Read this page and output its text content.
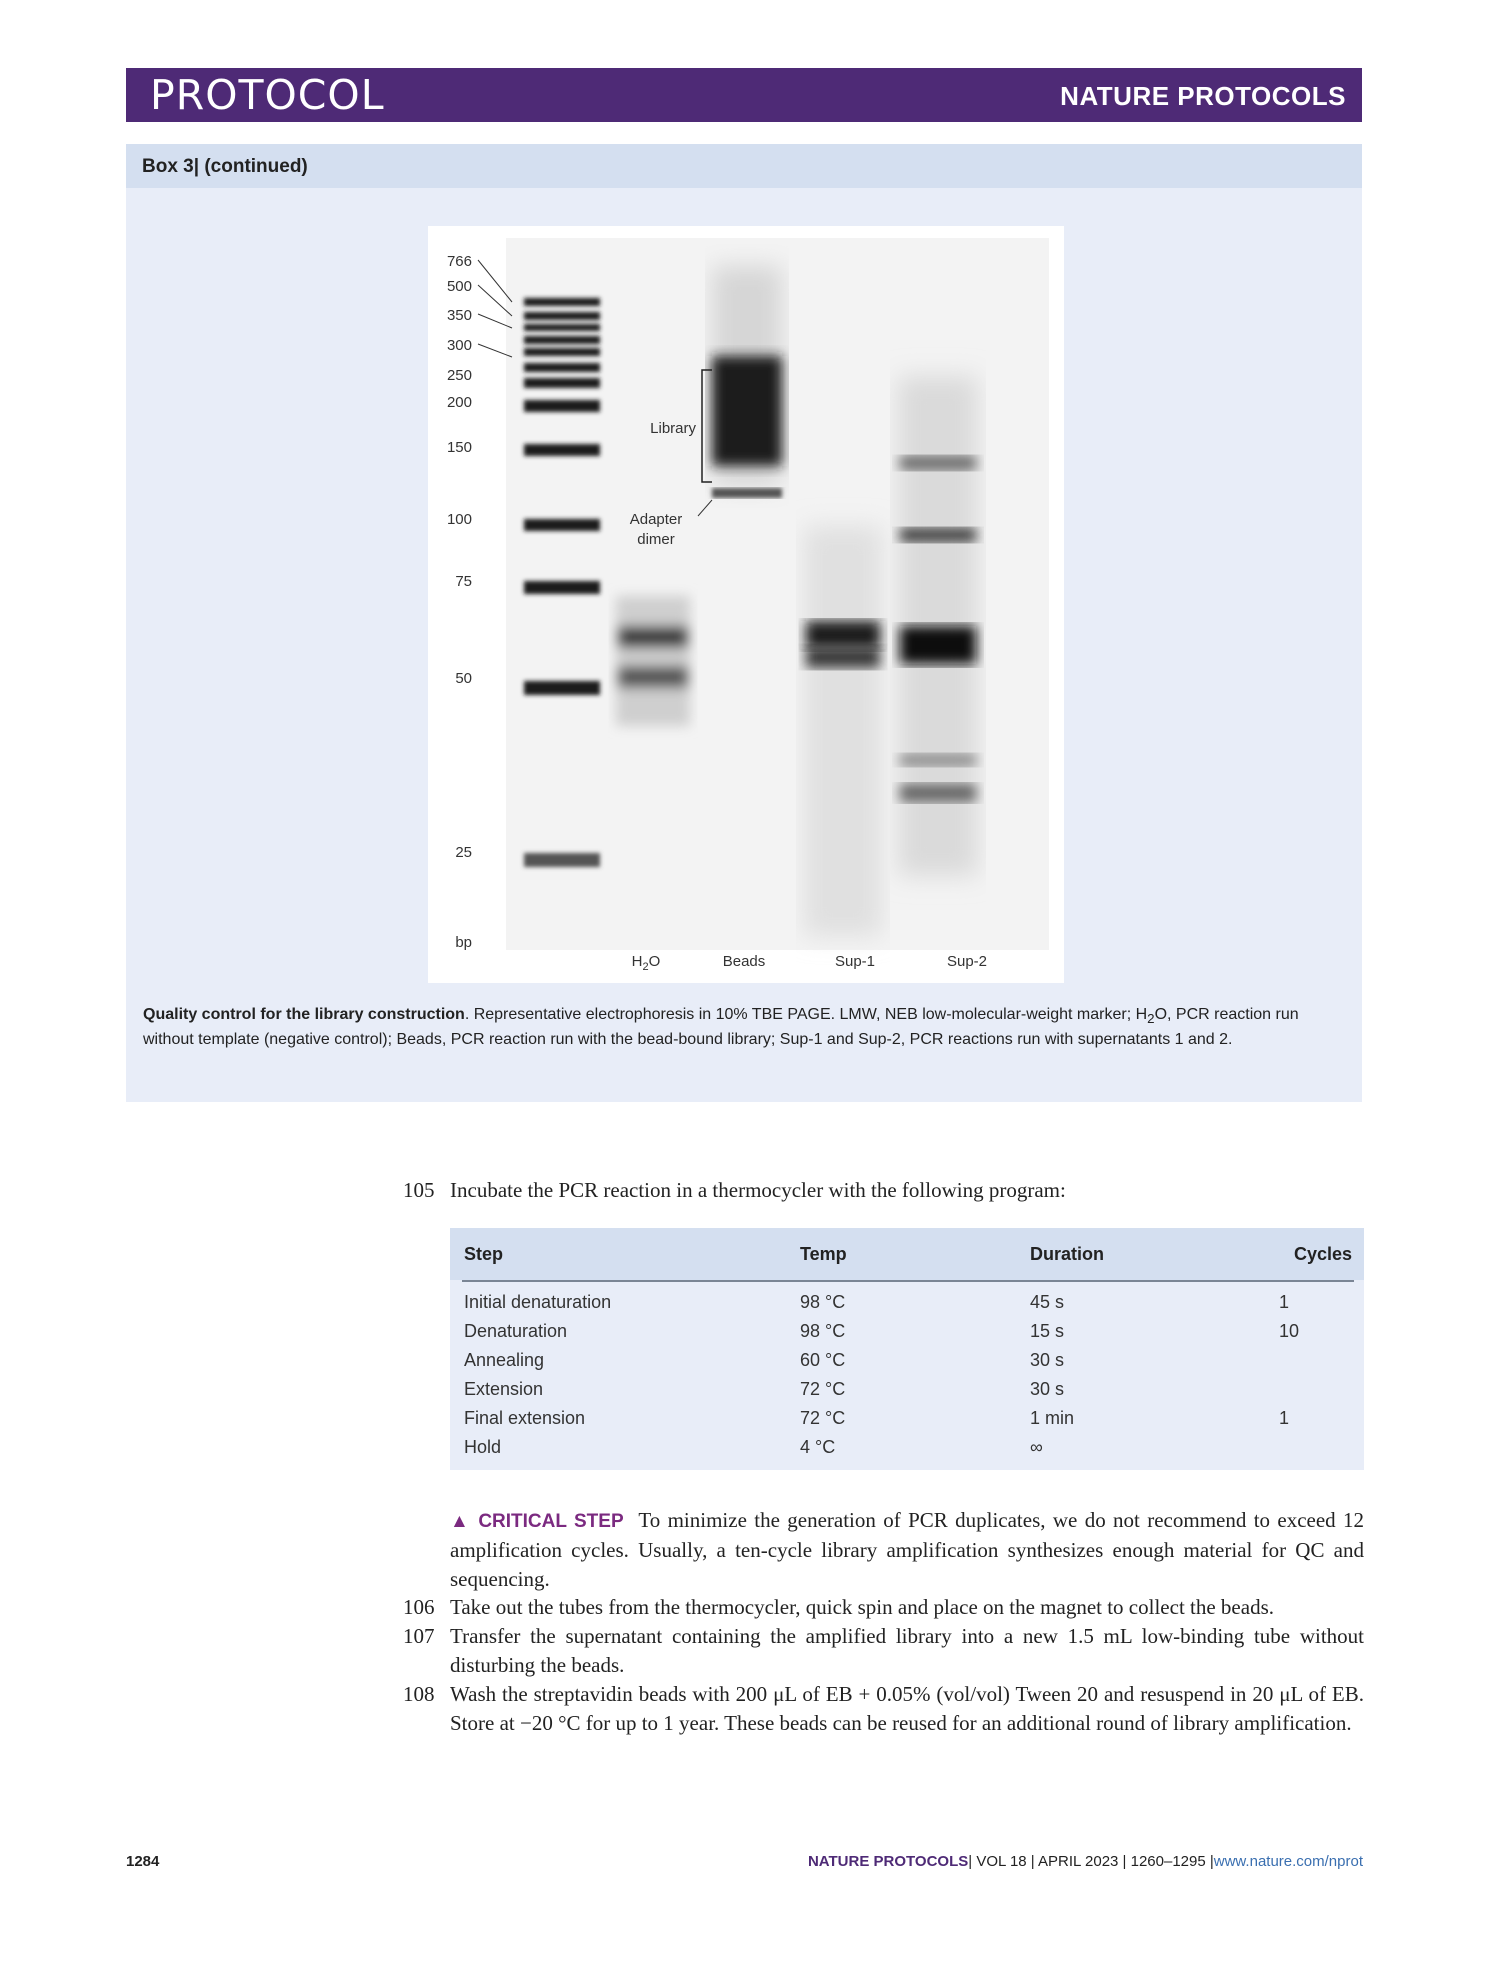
PROTOCOL	NATURE PROTOCOLS
Box 3| (continued)
766
500
350
300
250
200
150
100
75
50
25
bp
Library
Adapter
dimer
$H_2O$	Beads	Sup-1	Sup-2
Quality control for the library construction. Representative electrophoresis in 10% TBE PAGE. LMW, NEB low-molecular-weight marker; $H_2O$, PCR reaction run without template (negative control); Beads, PCR reaction run with the bead-bound library; Sup-1 and Sup-2, PCR reactions run with supernatants 1 and 2.
105 Incubate the PCR reaction in a thermocycler with the following program:
Step	Temp	Duration	Cycles
Initial denaturation	98 °C	45 s	1
Denaturation	98 °C	15 s	10
Annealing	60 °C	30 s
Extension	72 °C	30 s
Final extension	72 °C	1 min	1
Hold	4 °C	∞
▲ CRITICAL STEP To minimize the generation of PCR duplicates, we do not recommend to exceed 12 amplification cycles. Usually, a ten-cycle library amplification synthesizes enough material for QC and sequencing.
106 Take out the tubes from the thermocycler, quick spin and place on the magnet to collect the beads.
107 Transfer the supernatant containing the amplified library into a new 1.5 mL low-binding tube without disturbing the beads.
108 Wash the streptavidin beads with 200 μL of EB + 0.05% (vol/vol) Tween 20 and resuspend in 20 μL of EB. Store at −20 °C for up to 1 year. These beads can be reused for an additional round of library amplification.
1284	NATURE PROTOCOLS| VOL 18 | APRIL 2023 | 1260–1295 |www.nature.com/nprot
